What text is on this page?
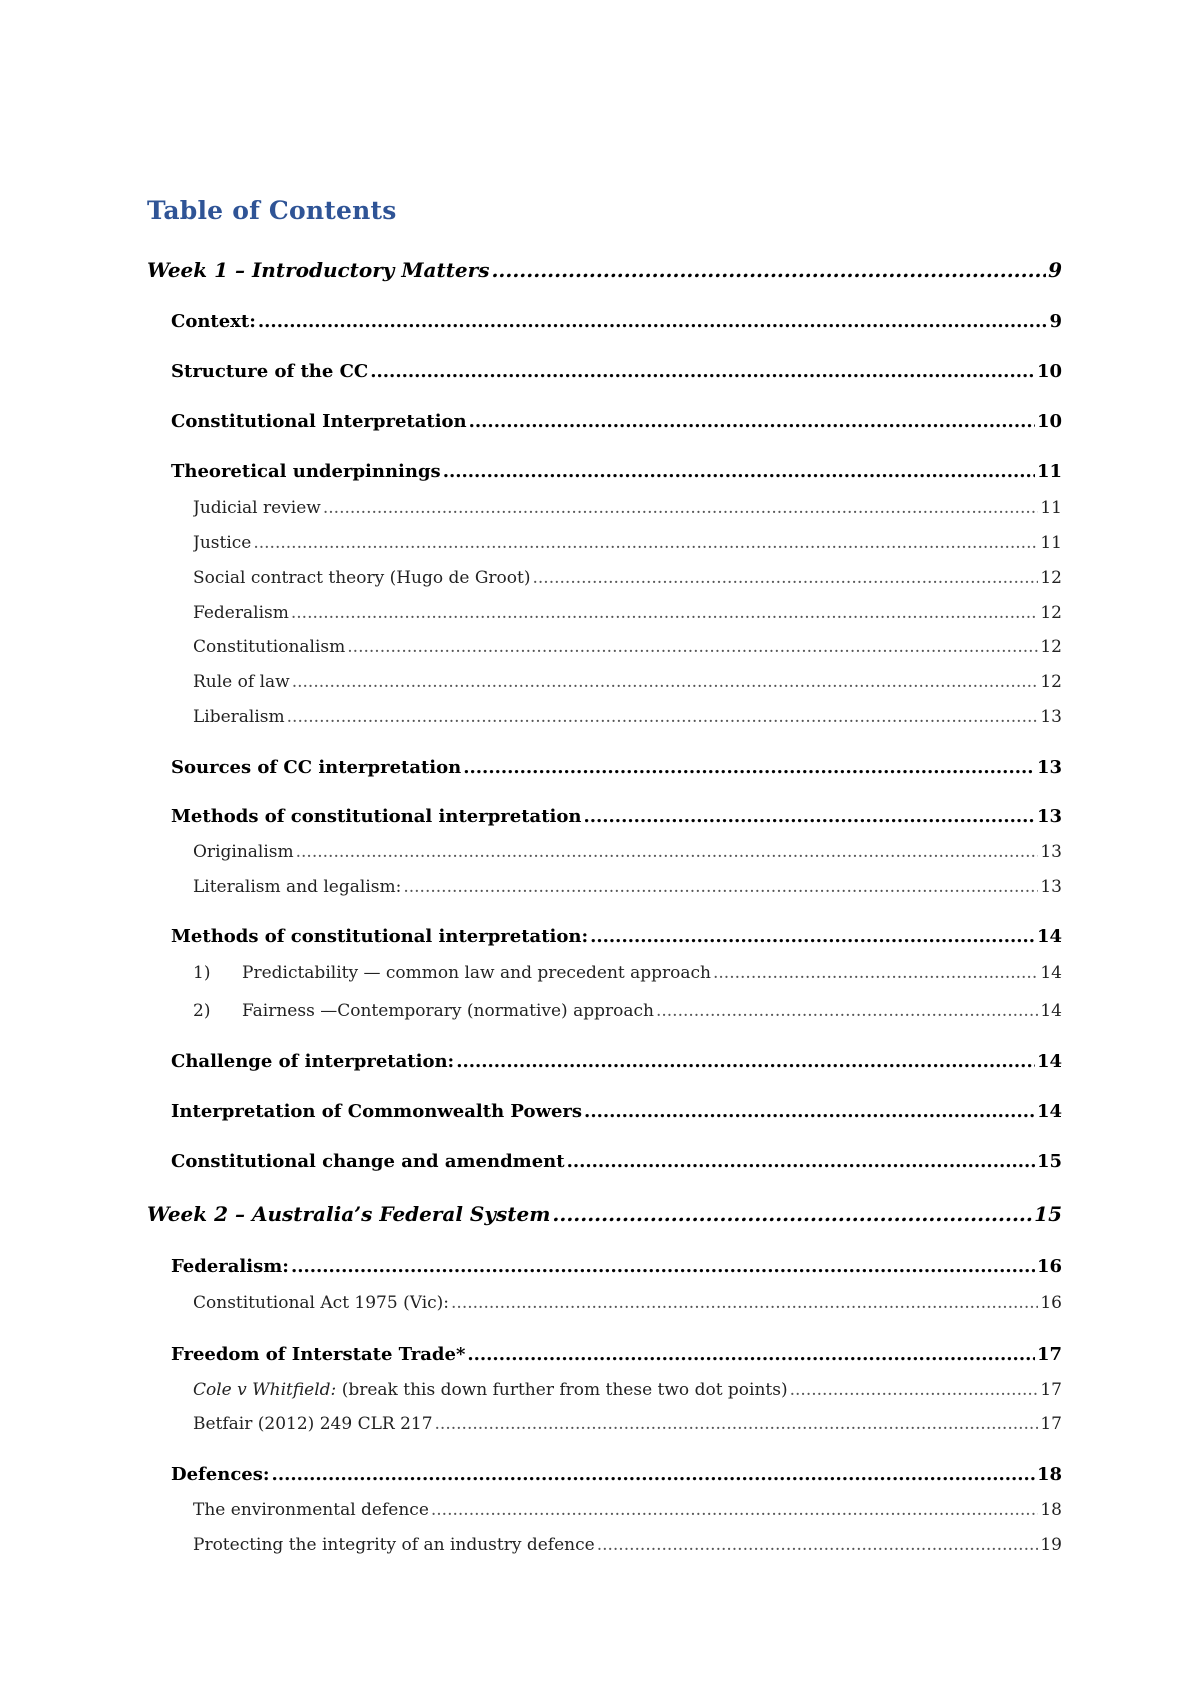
Table of Contents
Week 1 – Introductory Matters .....	9
Context: .....	9
Structure of the CC .....	10
Constitutional Interpretation .....	10
Theoretical underpinnings .....	11
Judicial review .....	11
Justice .....	11
Social contract theory (Hugo de Groot) .....	12
Federalism .....	12
Constitutionalism .....	12
Rule of law .....	12
Liberalism .....	13
Sources of CC interpretation .....	13
Methods of constitutional interpretation .....	13
Originalism .....	13
Literalism and legalism: .....	13
Methods of constitutional interpretation: .....	14
1) Predictability — common law and precedent approach .....	14
2) Fairness —Contemporary (normative) approach .....	14
Challenge of interpretation: .....	14
Interpretation of Commonwealth Powers .....	14
Constitutional change and amendment .....	15
Week 2 – Australia’s Federal System .....	15
Federalism: .....	16
Constitutional Act 1975 (Vic): .....	16
Freedom of Interstate Trade* .....	17
Cole v Whitfield: (break this down further from these two dot points) .....	17
Betfair (2012) 249 CLR 217 .....	17
Defences: .....	18
The environmental defence .....	18
Protecting the integrity of an industry defence .....	19
